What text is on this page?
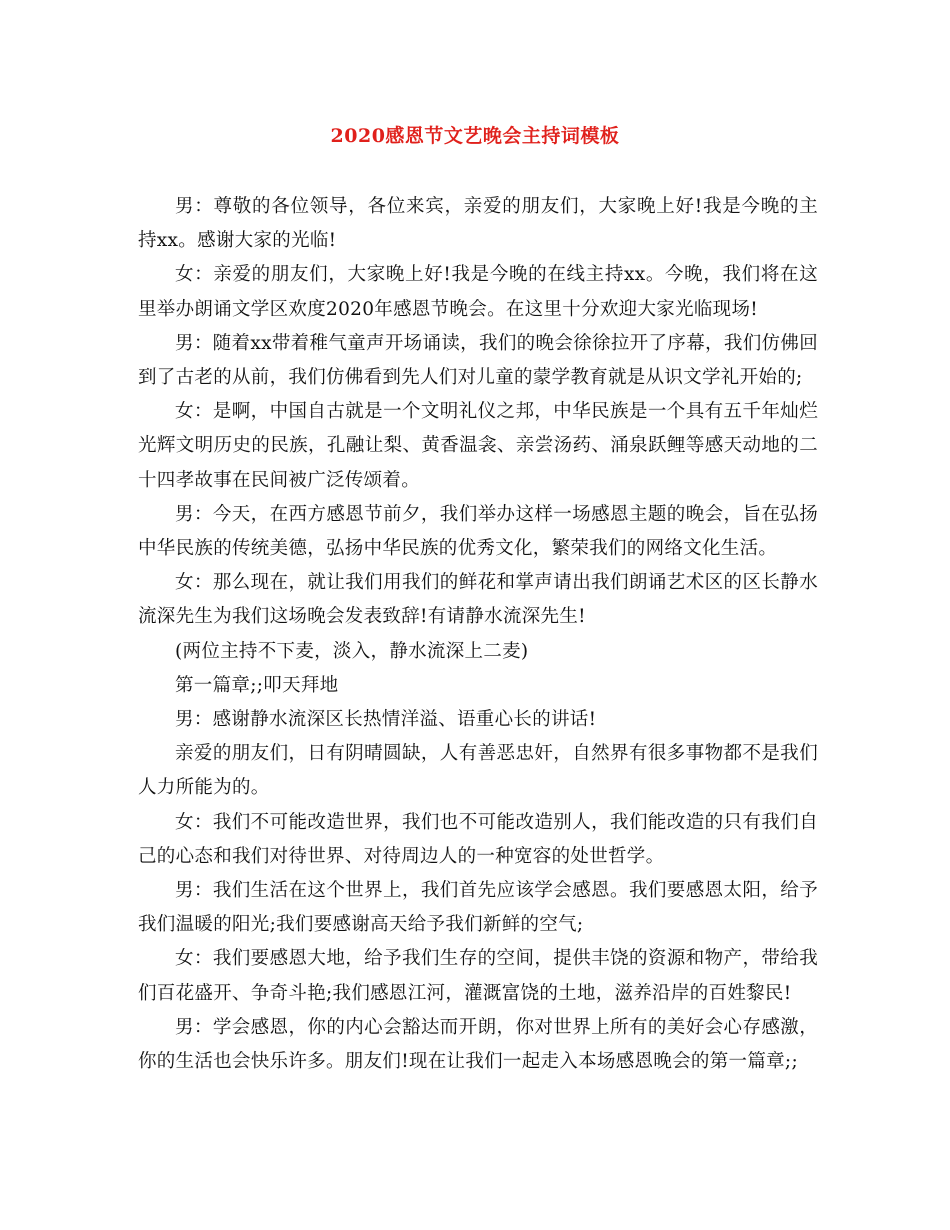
2020感恩节文艺晚会主持词模板

男：尊敬的各位领导，各位来宾，亲爱的朋友们，大家晚上好!我是今晚的主持xx。感谢大家的光临!

女：亲爱的朋友们，大家晚上好!我是今晚的在线主持xx。今晚，我们将在这里举办朗诵文学区欢度2020年感恩节晚会。在这里十分欢迎大家光临现场!

男：随着xx带着稚气童声开场诵读，我们的晚会徐徐拉开了序幕，我们仿佛回到了古老的从前，我们仿佛看到先人们对儿童的蒙学教育就是从识文学礼开始的;

女：是啊，中国自古就是一个文明礼仪之邦，中华民族是一个具有五千年灿烂光辉文明历史的民族，孔融让梨、黄香温衾、亲尝汤药、涌泉跃鲤等感天动地的二十四孝故事在民间被广泛传颂着。

男：今天，在西方感恩节前夕，我们举办这样一场感恩主题的晚会，旨在弘扬中华民族的传统美德，弘扬中华民族的优秀文化，繁荣我们的网络文化生活。

女：那么现在，就让我们用我们的鲜花和掌声请出我们朗诵艺术区的区长静水流深先生为我们这场晚会发表致辞!有请静水流深先生!

(两位主持不下麦，淡入，静水流深上二麦)

第一篇章;;叩天拜地

男：感谢静水流深区长热情洋溢、语重心长的讲话!

亲爱的朋友们，日有阴晴圆缺，人有善恶忠奸，自然界有很多事物都不是我们人力所能为的。

女：我们不可能改造世界，我们也不可能改造别人，我们能改造的只有我们自己的心态和我们对待世界、对待周边人的一种宽容的处世哲学。

男：我们生活在这个世界上，我们首先应该学会感恩。我们要感恩太阳，给予我们温暖的阳光;我们要感谢高天给予我们新鲜的空气;

女：我们要感恩大地，给予我们生存的空间，提供丰饶的资源和物产，带给我们百花盛开、争奇斗艳;我们感恩江河，灌溉富饶的土地，滋养沿岸的百姓黎民!

男：学会感恩，你的内心会豁达而开朗，你对世界上所有的美好会心存感激，你的生活也会快乐许多。朋友们!现在让我们一起走入本场感恩晚会的第一篇章;;
